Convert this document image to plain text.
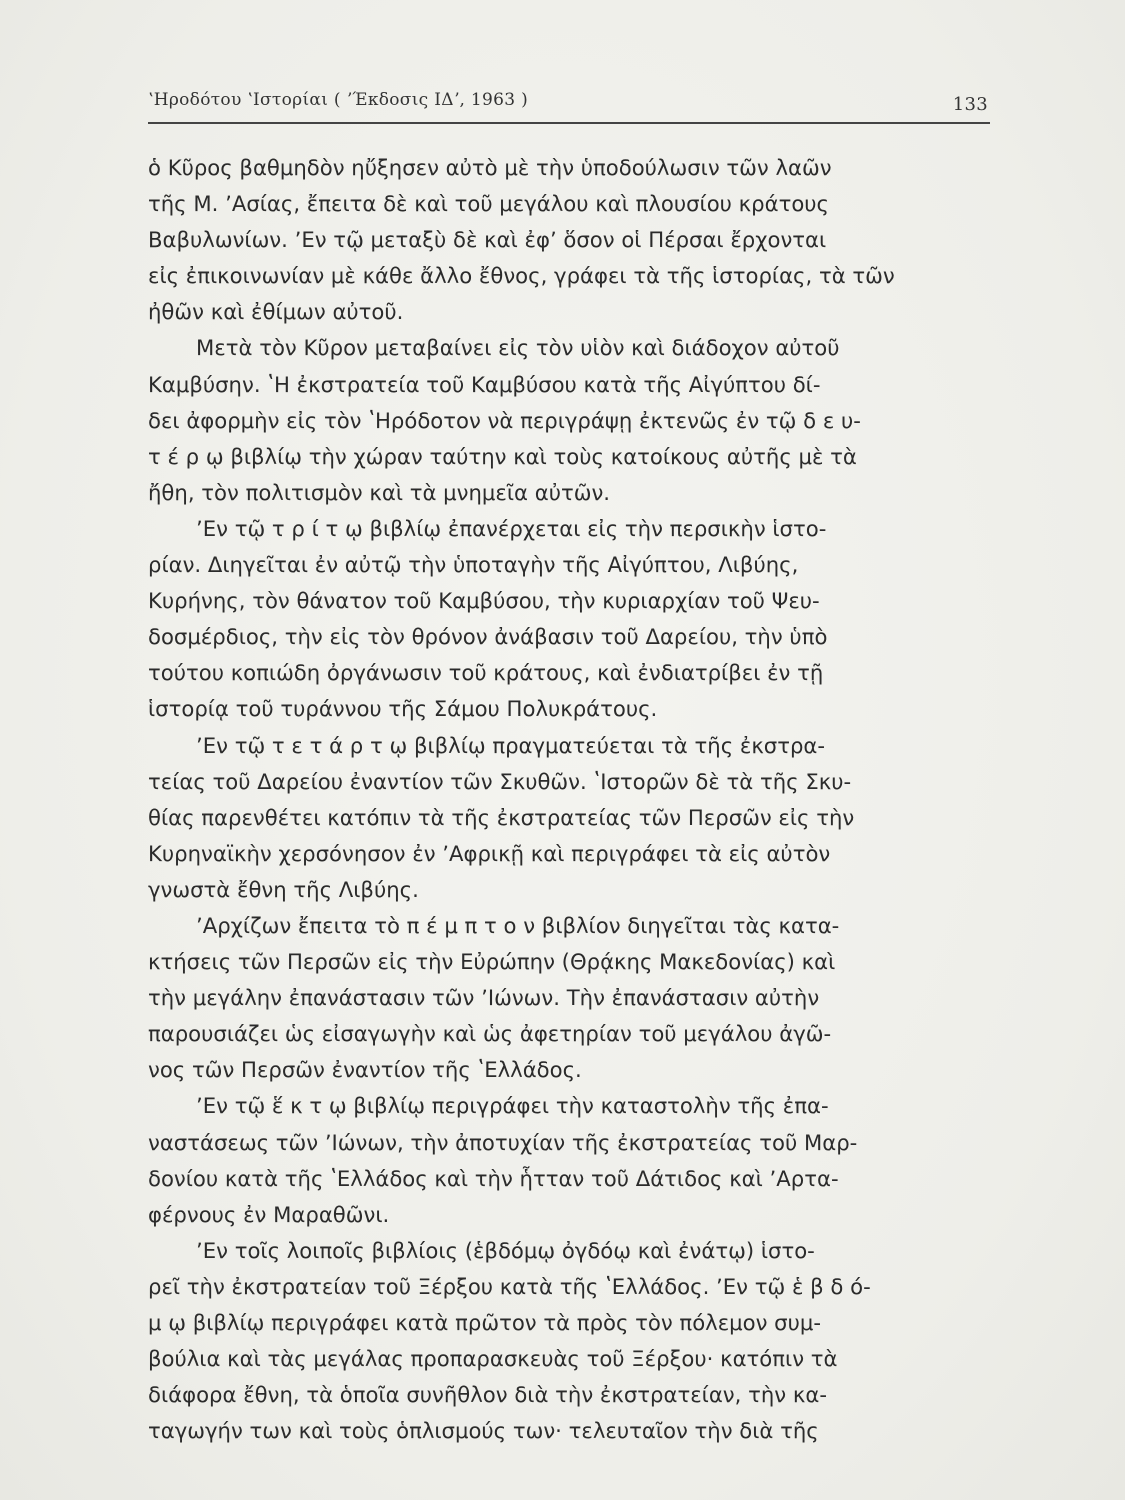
ʽΗροδότου ʽΙστορίαι ( ʼΈκδοσις ΙΔʼ, 1963 )	133
ὁ Κῦρος βαθμηδὸν ηὔξησεν αὐτὸ μὲ τὴν ὑποδούλωσιν τῶν λαῶν
τῆς Μ. ʼΑσίας, ἔπειτα δὲ καὶ τοῦ μεγάλου καὶ πλουσίου κράτους
Βαβυλωνίων. ʼΕν τῷ μεταξὺ δὲ καὶ ἐφʼ ὅσον οἱ Πέρσαι ἔρχονται
εἰς ἐπικοινωνίαν μὲ κάθε ἄλλο ἔθνος, γράφει τὰ τῆς ἱστορίας, τὰ τῶν
ἠθῶν καὶ ἐθίμων αὐτοῦ.
Μετὰ τὸν Κῦρον μεταβαίνει εἰς τὸν υἱὸν καὶ διάδοχον αὐτοῦ
Καμβύσην. ʽΗ ἐκστρατεία τοῦ Καμβύσου κατὰ τῆς Αἰγύπτου δί-
δει ἀφορμὴν εἰς τὸν ʽΗρόδοτον νὰ περιγράψῃ ἐκτενῶς ἐν τῷ δ ε υ-
τ έ ρ ῳ βιβλίῳ τὴν χώραν ταύτην καὶ τοὺς κατοίκους αὐτῆς μὲ τὰ
ἤθη, τὸν πολιτισμὸν καὶ τὰ μνημεῖα αὐτῶν.
ʼΕν τῷ τ ρ ί τ ῳ βιβλίῳ ἐπανέρχεται εἰς τὴν περσικὴν ἱστο-
ρίαν. Διηγεῖται ἐν αὐτῷ τὴν ὑποταγὴν τῆς Αἰγύπτου, Λιβύης,
Κυρήνης, τὸν θάνατον τοῦ Καμβύσου, τὴν κυριαρχίαν τοῦ Ψευ-
δοσμέρδιος, τὴν εἰς τὸν θρόνον ἀνάβασιν τοῦ Δαρείου, τὴν ὑπὸ
τούτου κοπιώδη ὀργάνωσιν τοῦ κράτους, καὶ ἐνδιατρίβει ἐν τῇ
ἱστορίᾳ τοῦ τυράννου τῆς Σάμου Πολυκράτους.
ʼΕν τῷ τ ε τ ά ρ τ ῳ βιβλίῳ πραγματεύεται τὰ τῆς ἐκστρα-
τείας τοῦ Δαρείου ἐναντίον τῶν Σκυθῶν. ʽΙστορῶν δὲ τὰ τῆς Σκυ-
θίας παρενθέτει κατόπιν τὰ τῆς ἐκστρατείας τῶν Περσῶν εἰς τὴν
Κυρηναϊκὴν χερσόνησον ἐν ʼΑφρικῇ καὶ περιγράφει τὰ εἰς αὐτὸν
γνωστὰ ἔθνη τῆς Λιβύης.
ʼΑρχίζων ἔπειτα τὸ π έ μ π τ ο ν βιβλίον διηγεῖται τὰς κατα-
κτήσεις τῶν Περσῶν εἰς τὴν Εὐρώπην (Θρᾴκης Μακεδονίας) καὶ
τὴν μεγάλην ἐπανάστασιν τῶν ʼΙώνων. Τὴν ἐπανάστασιν αὐτὴν
παρουσιάζει ὡς εἰσαγωγὴν καὶ ὡς ἀφετηρίαν τοῦ μεγάλου ἀγῶ-
νος τῶν Περσῶν ἐναντίον τῆς ʽΕλλάδος.
ʼΕν τῷ ἕ κ τ ῳ βιβλίῳ περιγράφει τὴν καταστολὴν τῆς ἐπα-
ναστάσεως τῶν ʼΙώνων, τὴν ἀποτυχίαν τῆς ἐκστρατείας τοῦ Μαρ-
δονίου κατὰ τῆς ʽΕλλάδος καὶ τὴν ἧτταν τοῦ Δάτιδος καὶ ʼΑρτα-
φέρνους ἐν Μαραθῶνι.
ʼΕν τοῖς λοιποῖς βιβλίοις (ἑβδόμῳ ὀγδόῳ καὶ ἐνάτῳ) ἱστο-
ρεῖ τὴν ἐκστρατείαν τοῦ Ξέρξου κατὰ τῆς ʽΕλλάδος. ʼΕν τῷ ἑ β δ ό-
μ ῳ βιβλίῳ περιγράφει κατὰ πρῶτον τὰ πρὸς τὸν πόλεμον συμ-
βούλια καὶ τὰς μεγάλας προπαρασκευὰς τοῦ Ξέρξου· κατόπιν τὰ
διάφορα ἔθνη, τὰ ὁποῖα συνῆθλον διὰ τὴν ἐκστρατείαν, τὴν κα-
ταγωγήν των καὶ τοὺς ὁπλισμούς των· τελευταῖον τὴν διὰ τῆς
